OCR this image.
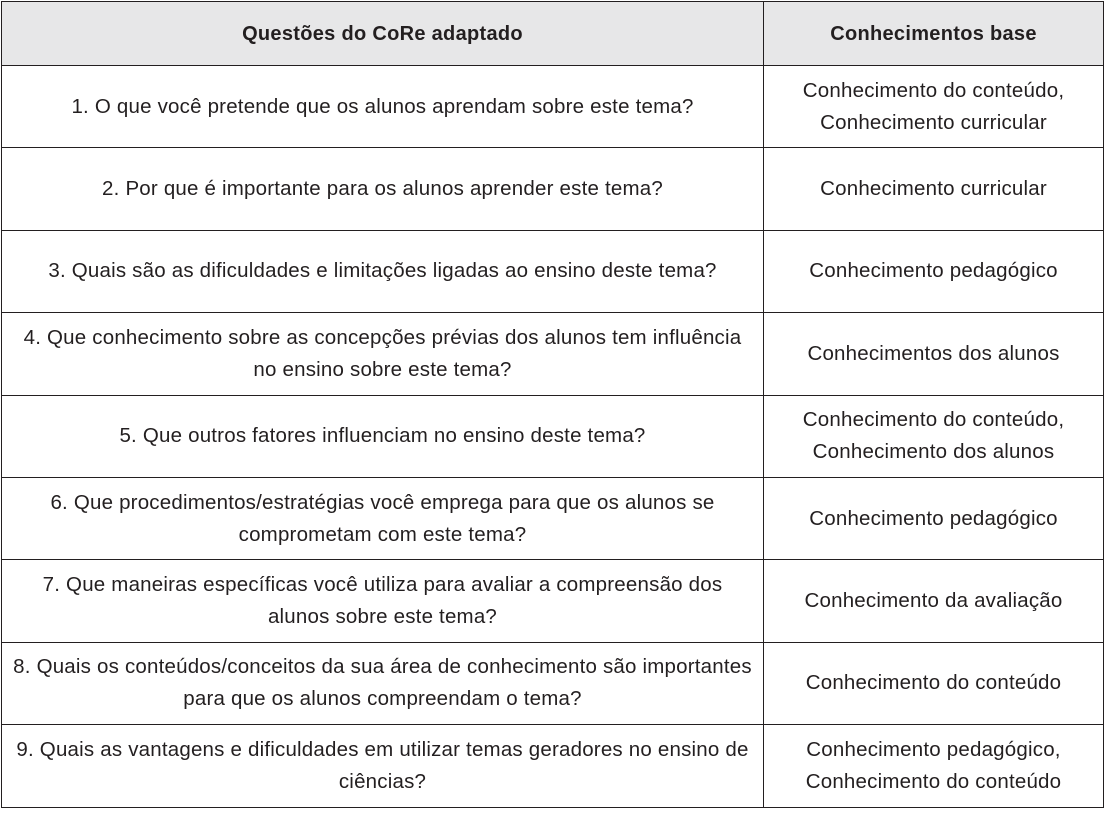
Questões do CoRe adaptado	Conhecimentos base
1. O que você pretende que os alunos aprendam sobre este tema?	Conhecimento do conteúdo,
Conhecimento curricular

2. Por que é importante para os alunos aprender este tema?	Conhecimento curricular

3. Quais são as dificuldades e limitações ligadas ao ensino deste tema?	Conhecimento pedagógico

4. Que conhecimento sobre as concepções prévias dos alunos tem influência no ensino sobre este tema?	Conhecimentos dos alunos

5. Que outros fatores influenciam no ensino deste tema?	Conhecimento do conteúdo,
Conhecimento dos alunos

6. Que procedimentos/estratégias você emprega para que os alunos se comprometam com este tema?	Conhecimento pedagógico

7. Que maneiras específicas você utiliza para avaliar a compreensão dos alunos sobre este tema?	Conhecimento da avaliação

8. Quais os conteúdos/conceitos da sua área de conhecimento são importantes para que os alunos compreendam o tema?	Conhecimento do conteúdo

9. Quais as vantagens e dificuldades em utilizar temas geradores no ensino de ciências?	Conhecimento pedagógico,
Conhecimento do conteúdo
